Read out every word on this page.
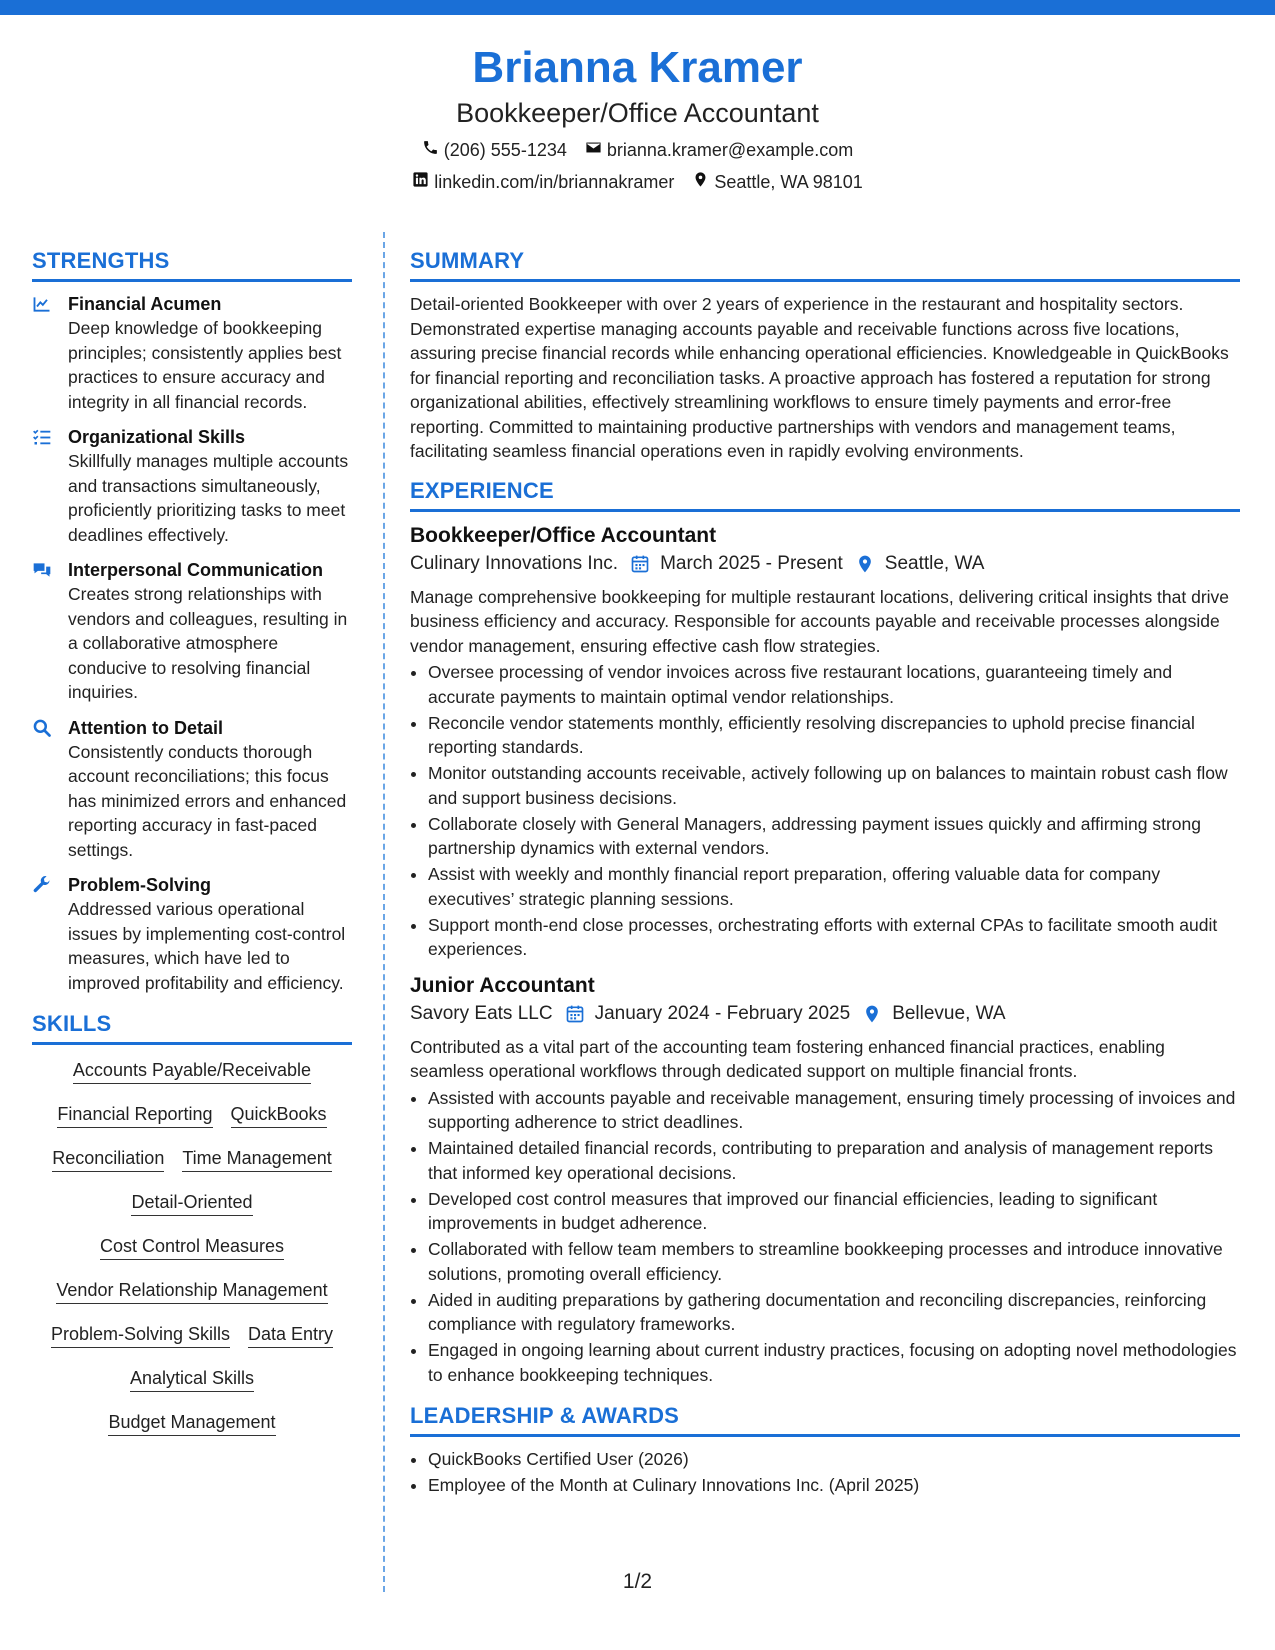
Brianna Kramer
Bookkeeper/Office Accountant
(206) 555-1234 brianna.kramer@example.com
linkedin.com/in/briannakramer Seattle, WA 98101
STRENGTHS
Financial Acumen
Deep knowledge of bookkeeping principles; consistently applies best practices to ensure accuracy and integrity in all financial records.
Organizational Skills
Skillfully manages multiple accounts and transactions simultaneously, proficiently prioritizing tasks to meet deadlines effectively.
Interpersonal Communication
Creates strong relationships with vendors and colleagues, resulting in a collaborative atmosphere conducive to resolving financial inquiries.
Attention to Detail
Consistently conducts thorough account reconciliations; this focus has minimized errors and enhanced reporting accuracy in fast-paced settings.
Problem-Solving
Addressed various operational issues by implementing cost-control measures, which have led to improved profitability and efficiency.
SKILLS
Accounts Payable/Receivable
Financial Reporting QuickBooks
Reconciliation Time Management
Detail-Oriented
Cost Control Measures
Vendor Relationship Management
Problem-Solving Skills Data Entry
Analytical Skills
Budget Management
SUMMARY

Detail-oriented Bookkeeper with over 2 years of experience in the restaurant and hospitality sectors. Demonstrated expertise managing accounts payable and receivable functions across five locations, assuring precise financial records while enhancing operational efficiencies. Knowledgeable in QuickBooks for financial reporting and reconciliation tasks. A proactive approach has fostered a reputation for strong organizational abilities, effectively streamlining workflows to ensure timely payments and error-free reporting. Committed to maintaining productive partnerships with vendors and management teams, facilitating seamless financial operations even in rapidly evolving environments.

EXPERIENCE
Bookkeeper/Office Accountant
Culinary Innovations Inc. March 2025 - Present Seattle, WA
Manage comprehensive bookkeeping for multiple restaurant locations, delivering critical insights that drive business efficiency and accuracy. Responsible for accounts payable and receivable processes alongside vendor management, ensuring effective cash flow strategies.
• Oversee processing of vendor invoices across five restaurant locations, guaranteeing timely and accurate payments to maintain optimal vendor relationships.
• Reconcile vendor statements monthly, efficiently resolving discrepancies to uphold precise financial reporting standards.
• Monitor outstanding accounts receivable, actively following up on balances to maintain robust cash flow and support business decisions.
• Collaborate closely with General Managers, addressing payment issues quickly and affirming strong partnership dynamics with external vendors.
• Assist with weekly and monthly financial report preparation, offering valuable data for company executives’ strategic planning sessions.
• Support month-end close processes, orchestrating efforts with external CPAs to facilitate smooth audit experiences.
Junior Accountant
Savory Eats LLC January 2024 - February 2025 Bellevue, WA
Contributed as a vital part of the accounting team fostering enhanced financial practices, enabling seamless operational workflows through dedicated support on multiple financial fronts.
• Assisted with accounts payable and receivable management, ensuring timely processing of invoices and supporting adherence to strict deadlines.
• Maintained detailed financial records, contributing to preparation and analysis of management reports that informed key operational decisions.
• Developed cost control measures that improved our financial efficiencies, leading to significant improvements in budget adherence.
• Collaborated with fellow team members to streamline bookkeeping processes and introduce innovative solutions, promoting overall efficiency.
• Aided in auditing preparations by gathering documentation and reconciling discrepancies, reinforcing compliance with regulatory frameworks.
• Engaged in ongoing learning about current industry practices, focusing on adopting novel methodologies to enhance bookkeeping techniques.
LEADERSHIP & AWARDS
• QuickBooks Certified User (2026)
• Employee of the Month at Culinary Innovations Inc. (April 2025)
1/2
